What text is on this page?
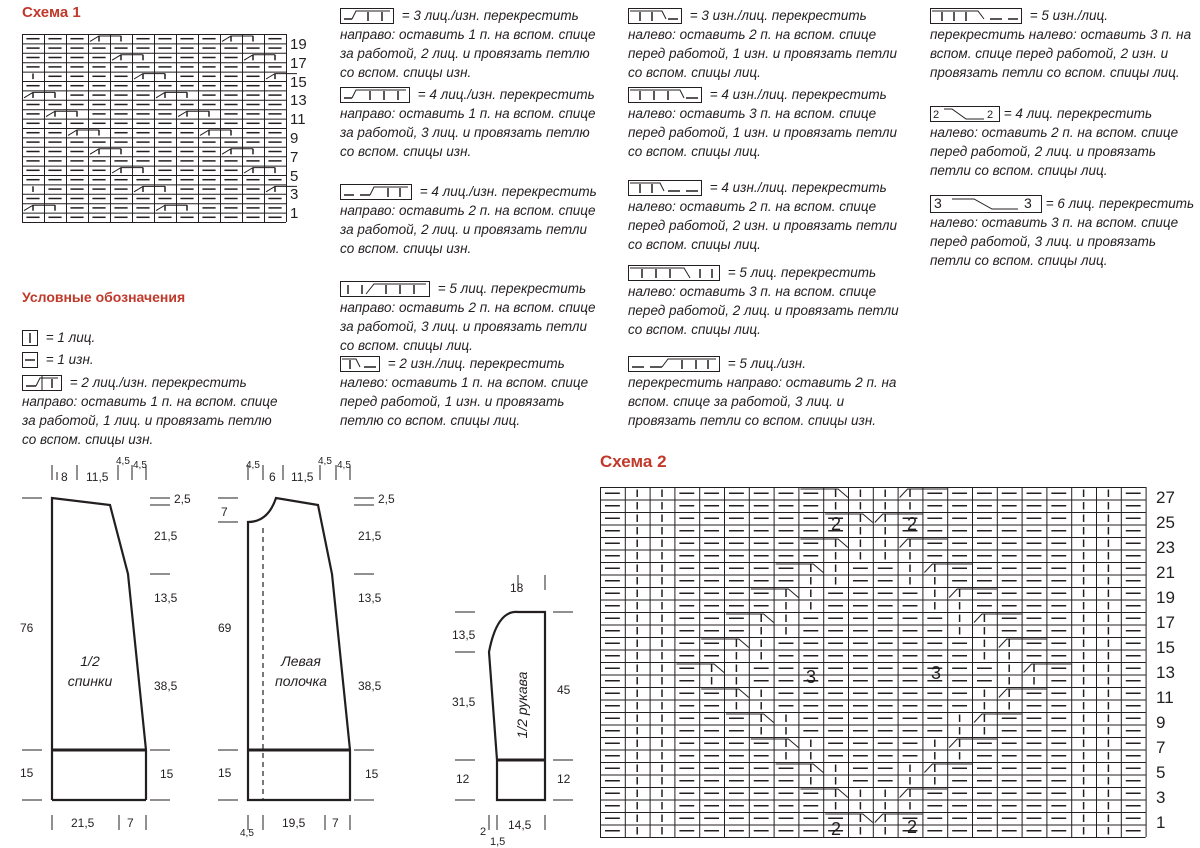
Схема 1
19
17
15
13
11
9
7
5
3
1
Условные обозначения
= 1 лиц.
= 1 изн.
= 2 лиц./изн. перекрестить направо: оставить 1 п. на вспом. спице за работой, 1 лиц. и провязать петлю со вспом. спицы изн.
= 3 лиц./изн. перекрестить направо: оставить 1 п. на вспом. спице за работой, 2 лиц. и провязать петлю со вспом. спицы изн.
= 4 лиц./изн. перекрестить направо: оставить 1 п. на вспом. спице за работой, 3 лиц. и провязать петлю со вспом. спицы изн.
= 4 лиц./изн. перекрестить направо: оставить 2 п. на вспом. спице за работой, 2 лиц. и провязать петли со вспом. спицы изн.
= 5 лиц. перекрестить направо: оставить 2 п. на вспом. спице за работой, 3 лиц. и провязать петли со вспом. спицы лиц.
= 2 изн./лиц. перекрестить налево: оставить 1 п. на вспом. спице перед работой, 1 изн. и провязать петлю со вспом. спицы лиц.
= 3 изн./лиц. перекрестить налево: оставить 2 п. на вспом. спице перед работой, 1 изн. и провязать петли со вспом. спицы лиц.
= 4 изн./лиц. перекрестить налево: оставить 3 п. на вспом. спице перед работой, 1 изн. и провязать петли со вспом. спицы лиц.
= 4 изн./лиц. перекрестить налево: оставить 2 п. на вспом. спице перед работой, 2 изн. и провязать петли со вспом. спицы лиц.
= 5 лиц. перекрестить налево: оставить 3 п. на вспом. спице перед работой, 2 лиц. и провязать петли со вспом. спицы лиц.
= 5 лиц./изн. перекрестить направо: оставить 2 п. на вспом. спице за работой, 3 лиц. и провязать петли со вспом. спицы изн.
= 5 изн./лиц. перекрестить налево: оставить 3 п. на вспом. спице перед работой, 2 изн. и провязать петли со вспом. спицы лиц.
2	2 = 4 лиц. перекрестить налево: оставить 2 п. на вспом. спице перед работой, 2 лиц. и провязать петли со вспом. спицы лиц.
3	3 = 6 лиц. перекрестить налево: оставить 3 п. на вспом. спице перед работой, 3 лиц. и провязать петли со вспом. спицы лиц.
Схема 2
27
25
23
21
19
17
15
13
11
9
7
5
3
1
2	2
3	3
2	2
1/2
спинки
8 11,5
4,5 4,5
2,5
21,5
13,5
38,5
15
76
15
21,5	7
Левая
полочка
4,5
6 11,5
4,5 4,5
7
69
15
2,5
21,5
13,5
38,5
15
4,5
19,5 7
1/2 рукава
18
13,5
31,5
12
45
12
2 14,5
1,5
